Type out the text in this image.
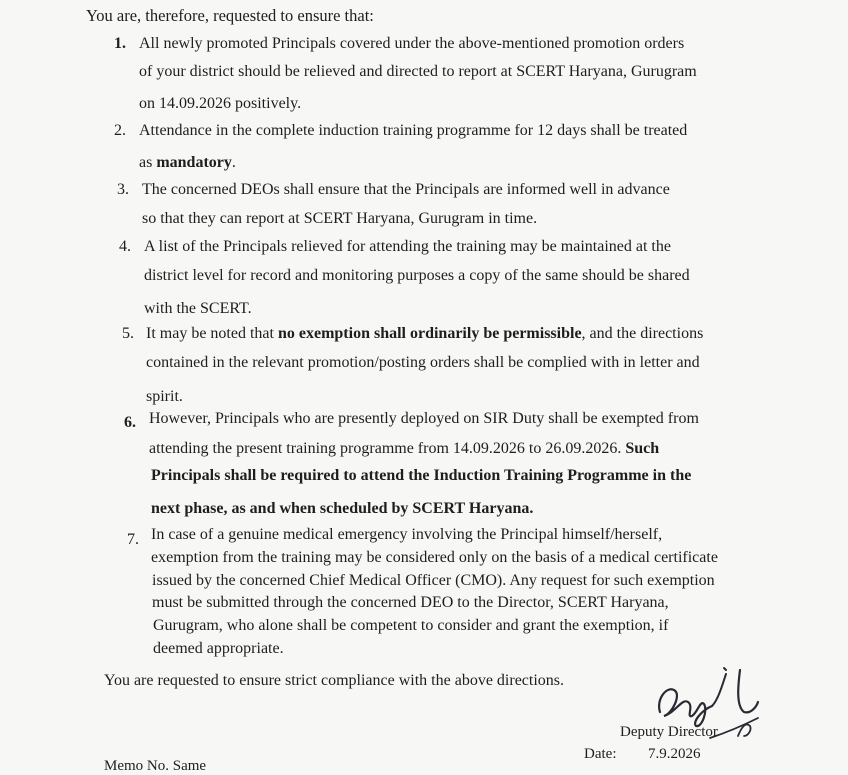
You are, therefore, requested to ensure that:
1. All newly promoted Principals covered under the above-mentioned promotion orders
of your district should be relieved and directed to report at SCERT Haryana, Gurugram
on 14.09.2026 positively.
2. Attendance in the complete induction training programme for 12 days shall be treated
as mandatory.
3. The concerned DEOs shall ensure that the Principals are informed well in advance
so that they can report at SCERT Haryana, Gurugram in time.
4. A list of the Principals relieved for attending the training may be maintained at the
district level for record and monitoring purposes a copy of the same should be shared
with the SCERT.
5. It may be noted that no exemption shall ordinarily be permissible, and the directions
contained in the relevant promotion/posting orders shall be complied with in letter and
spirit.
6. However, Principals who are presently deployed on SIR Duty shall be exempted from
attending the present training programme from 14.09.2026 to 26.09.2026. Such
Principals shall be required to attend the Induction Training Programme in the
next phase, as and when scheduled by SCERT Haryana.
7. In case of a genuine medical emergency involving the Principal himself/herself,
exemption from the training may be considered only on the basis of a medical certificate
issued by the concerned Chief Medical Officer (CMO). Any request for such exemption
must be submitted through the concerned DEO to the Director, SCERT Haryana,
Gurugram, who alone shall be competent to consider and grant the exemption, if
deemed appropriate.
You are requested to ensure strict compliance with the above directions.
Deputy Director
Date: 7.9.2026
Memo No. Same
